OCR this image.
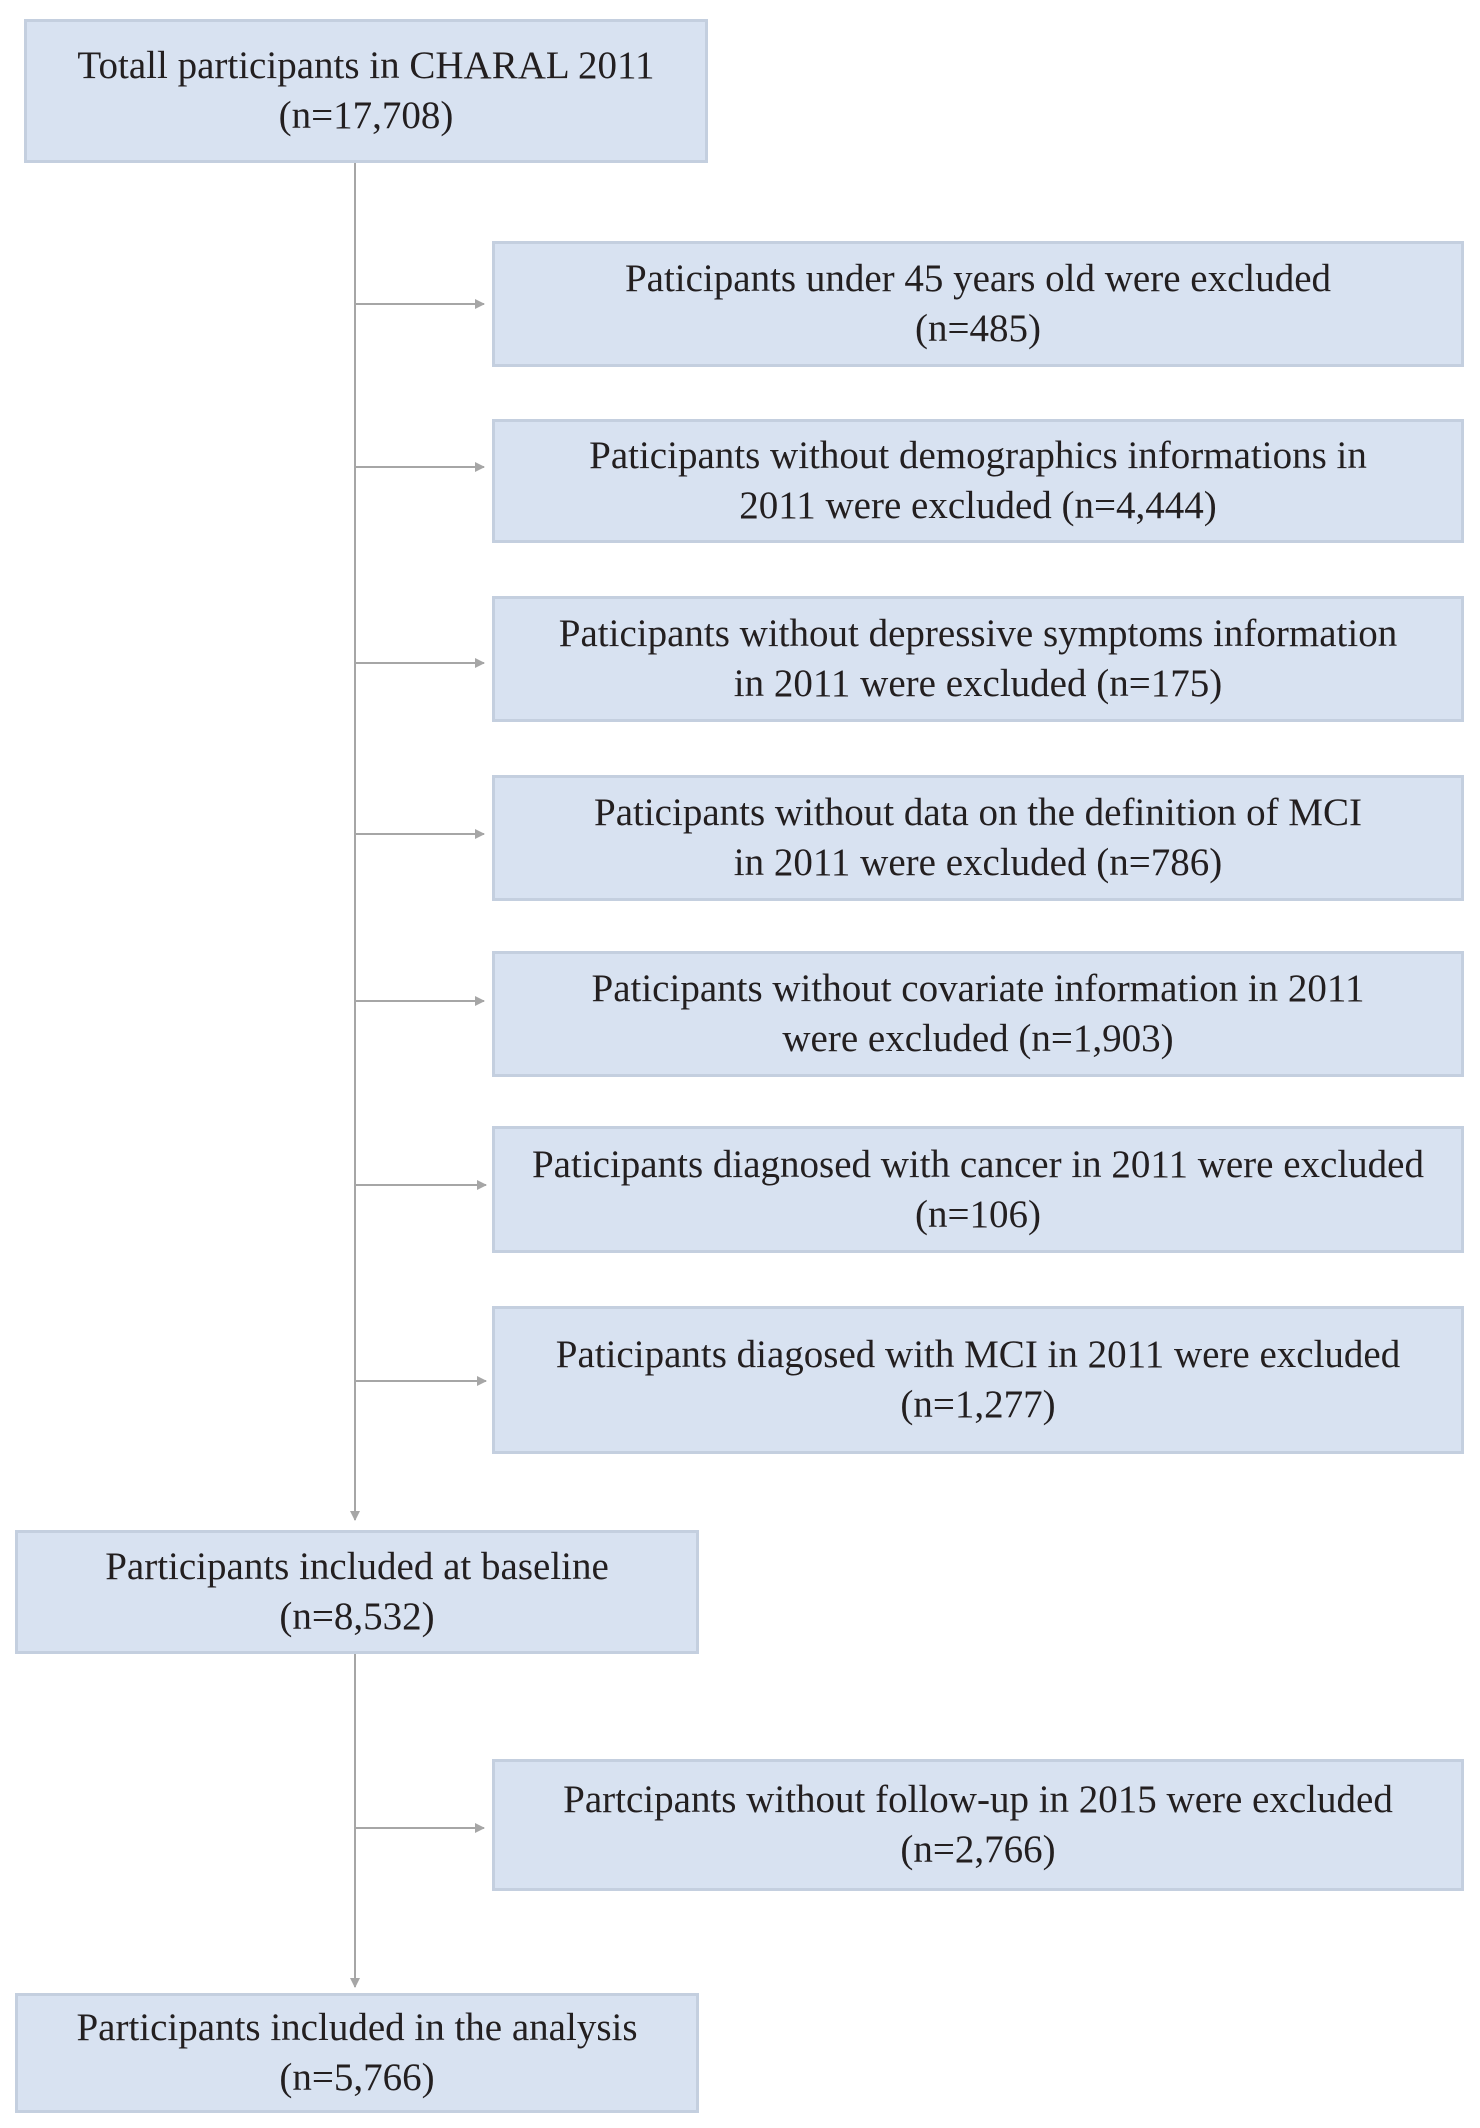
Totall participants in CHARAL 2011
(n=17,708)
Paticipants under 45 years old were excluded
(n=485)
Paticipants without demographics informations in
2011 were excluded (n=4,444)
Paticipants without depressive symptoms information
in 2011 were excluded (n=175)
Paticipants without data on the definition of MCI
in 2011 were excluded (n=786)
Paticipants without covariate information in 2011
were excluded (n=1,903)
Paticipants diagnosed with cancer in 2011 were excluded
(n=106)
Paticipants diagosed with MCI in 2011 were excluded
(n=1,277)
Participants included at baseline
(n=8,532)
Partcipants without follow-up in 2015 were excluded
(n=2,766)
Participants included in the analysis
(n=5,766)
